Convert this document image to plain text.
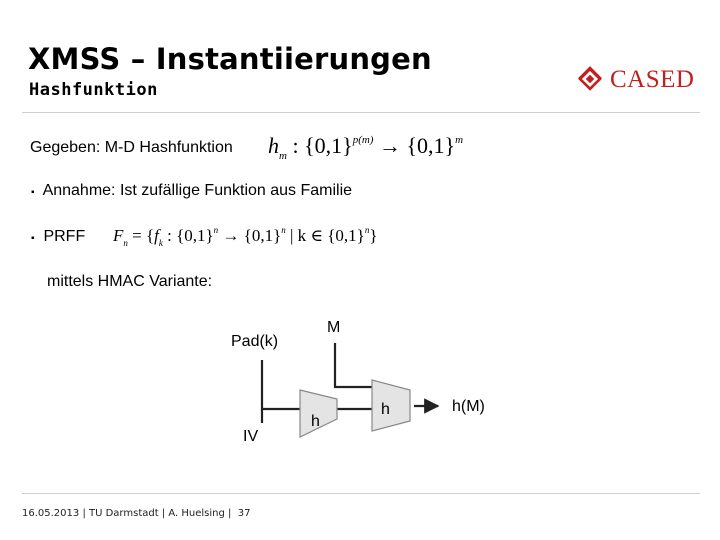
XMSS – Instantiierungen
Hashfunktion	CASED
Gegeben: M-D Hashfunktion $h_m$ : $\{0,1\}^{p(m)} \to \{0,1\}^m$
▪ Annahme: Ist zufällige Funktion aus Familie
▪ PRFF $F_n = \{f_k$ : $\{0,1\}^n \to \{0,1\}^n$ | k ∈ $\{0,1\}^n$}
mittels HMAC Variante:
Pad(k)
M
IV
h
h	h(M)
16.05.2013 | TU Darmstadt | A. Huelsing |  37
